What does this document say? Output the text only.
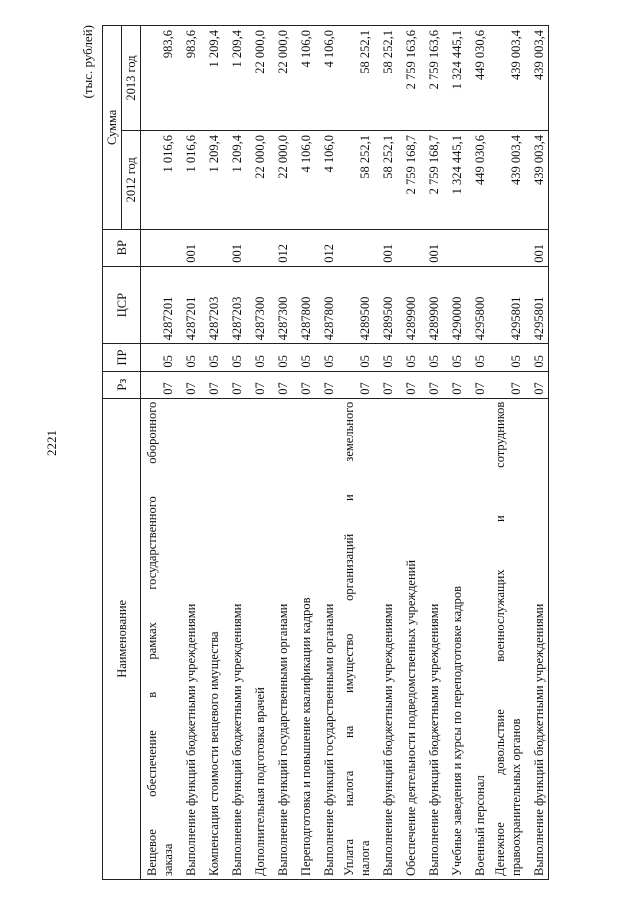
2221
(тыс. рублей)
Наименование	Рз	ПР	ЦСР	ВР	Сумма	
					2012 год	2013 год

Вещевое обеспечение в рамках государственного оборонного заказа	07	05	4287201		1 016,6	983,6

Выполнение функций бюджетными учреждениями	07	05	4287201	001	1 016,6	983,6

Компенсация стоимости вещевого имущества	07	05	4287203		1 209,4	1 209,4

Выполнение функций бюджетными учреждениями	07	05	4287203	001	1 209,4	1 209,4

Дополнительная подготовка врачей	07	05	4287300		22 000,0	22 000,0

Выполнение функций государственными органами	07	05	4287300	012	22 000,0	22 000,0

Переподготовка и повышение квалификации кадров	07	05	4287800		4 106,0	4 106,0

Выполнение функций государственными органами	07	05	4287800	012	4 106,0	4 106,0

Уплата налога на имущество организаций и земельного налога	07	05	4289500		58 252,1	58 252,1

Выполнение функций бюджетными учреждениями	07	05	4289500	001	58 252,1	58 252,1

Обеспечение деятельности подведомственных учреждений	07	05	4289900		2 759 168,7	2 759 163,6

Выполнение функций бюджетными учреждениями	07	05	4289900	001	2 759 168,7	2 759 163,6

Учебные заведения и курсы по переподготовке кадров	07	05	4290000		1 324 445,1	1 324 445,1

Военный персонал	07	05	4295800		449 030,6	449 030,6

Денежное довольствие военнослужащих и сотрудников правоохранительных органов	07	05	4295801		439 003,4	439 003,4

Выполнение функций бюджетными учреждениями	07	05	4295801	001	439 003,4	439 003,4
